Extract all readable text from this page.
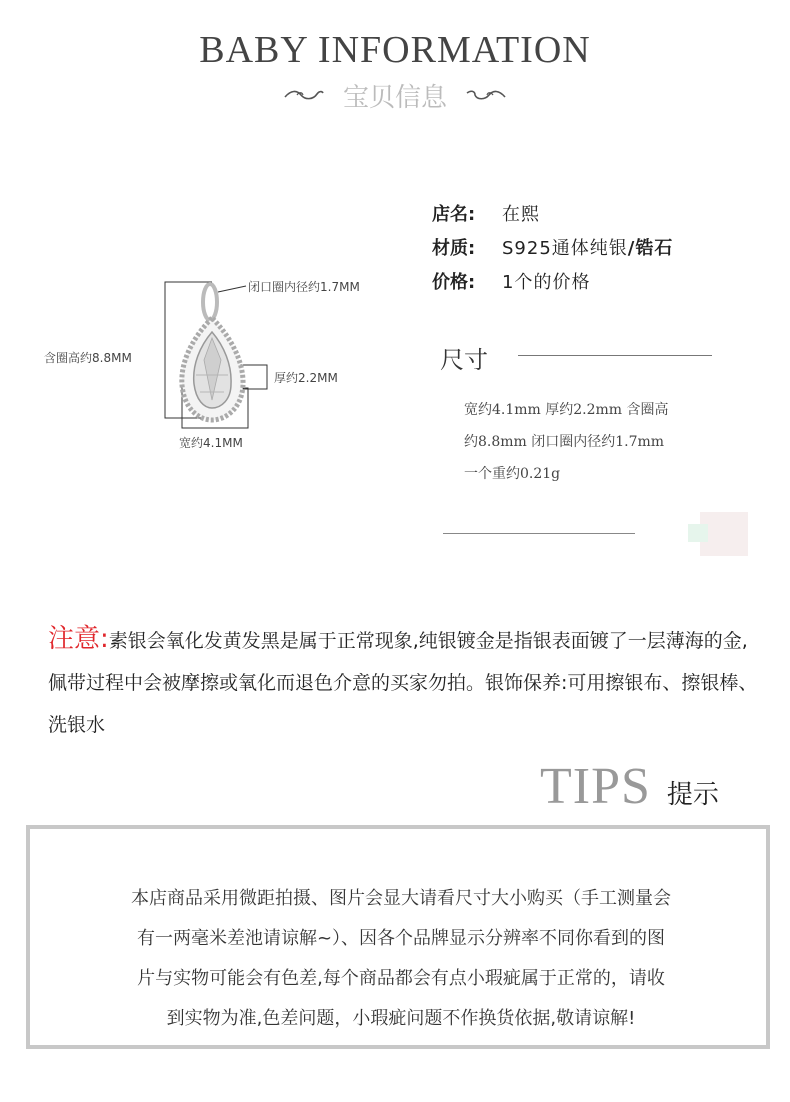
BABY INFORMATION
宝贝信息
闭口圈内径约1.7MM
含圈高约8.8MM
厚约2.2MM
宽约4.1MM
店名:	在熙
材质:	S925通体纯银/锆石
价格:	1个的价格
尺寸
宽约4.1mm 厚约2.2mm 含圈高
约8.8mm 闭口圈内径约1.7mm
一个重约0.21g
注意:素银会氧化发黄发黑是属于正常现象,纯银镀金是指银表面镀了一层薄海的金,佩带过程中会被摩擦或氧化而退色介意的买家勿拍。银饰保养:可用擦银布、擦银棒、洗银水
TIPS 提示
本店商品采用微距拍摄、图片会显大请看尺寸大小购买（手工测量会
有一两毫米差池请谅解~）、因各个品牌显示分辨率不同你看到的图
片与实物可能会有色差,每个商品都会有点小瑕疵属于正常的，请收
到实物为准,色差问题，小瑕疵问题不作换货依据,敬请谅解!
